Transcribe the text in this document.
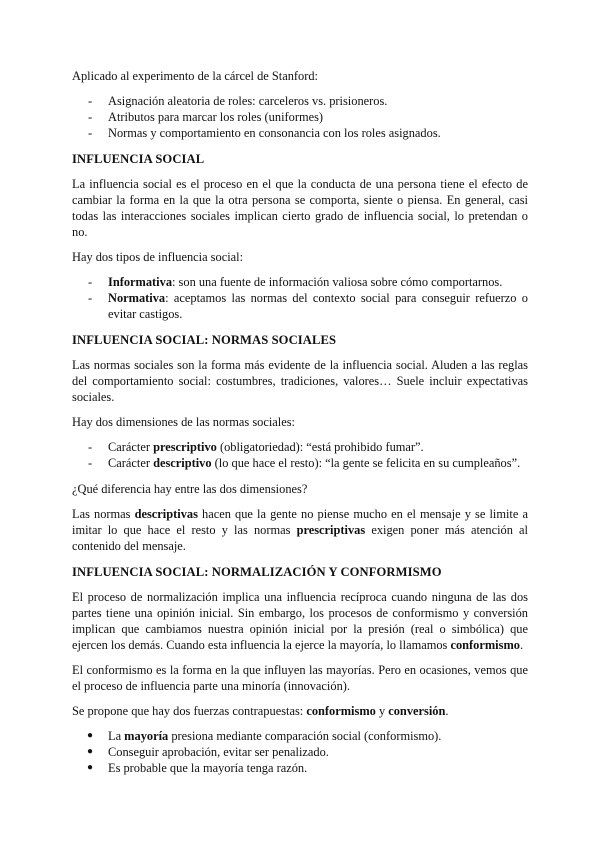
Aplicado al experimento de la cárcel de Stanford:

- Asignación aleatoria de roles: carceleros vs. prisioneros.
- Atributos para marcar los roles (uniformes)
- Normas y comportamiento en consonancia con los roles asignados.
INFLUENCIA SOCIAL

La influencia social es el proceso en el que la conducta de una persona tiene el efecto de cambiar la forma en la que la otra persona se comporta, siente o piensa. En general, casi todas las interacciones sociales implican cierto grado de influencia social, lo pretendan o no.

Hay dos tipos de influencia social:

- Informativa: son una fuente de información valiosa sobre cómo comportarnos.
- Normativa: aceptamos las normas del contexto social para conseguir refuerzo o evitar castigos.
INFLUENCIA SOCIAL: NORMAS SOCIALES

Las normas sociales son la forma más evidente de la influencia social. Aluden a las reglas del comportamiento social: costumbres, tradiciones, valores… Suele incluir expectativas sociales.

Hay dos dimensiones de las normas sociales:

- Carácter prescriptivo (obligatoriedad): “está prohibido fumar”.
- Carácter descriptivo (lo que hace el resto): “la gente se felicita en su cumpleaños”.

¿Qué diferencia hay entre las dos dimensiones?

Las normas descriptivas hacen que la gente no piense mucho en el mensaje y se limite a imitar lo que hace el resto y las normas prescriptivas exigen poner más atención al contenido del mensaje.

INFLUENCIA SOCIAL: NORMALIZACIÓN Y CONFORMISMO

El proceso de normalización implica una influencia recíproca cuando ninguna de las dos partes tiene una opinión inicial. Sin embargo, los procesos de conformismo y conversión implican que cambiamos nuestra opinión inicial por la presión (real o simbólica) que ejercen los demás. Cuando esta influencia la ejerce la mayoría, lo llamamos conformismo.

El conformismo es la forma en la que influyen las mayorías. Pero en ocasiones, vemos que el proceso de influencia parte una minoría (innovación).

Se propone que hay dos fuerzas contrapuestas: conformismo y conversión.

● La mayoría presiona mediante comparación social (conformismo).
● Conseguir aprobación, evitar ser penalizado.
● Es probable que la mayoría tenga razón.
